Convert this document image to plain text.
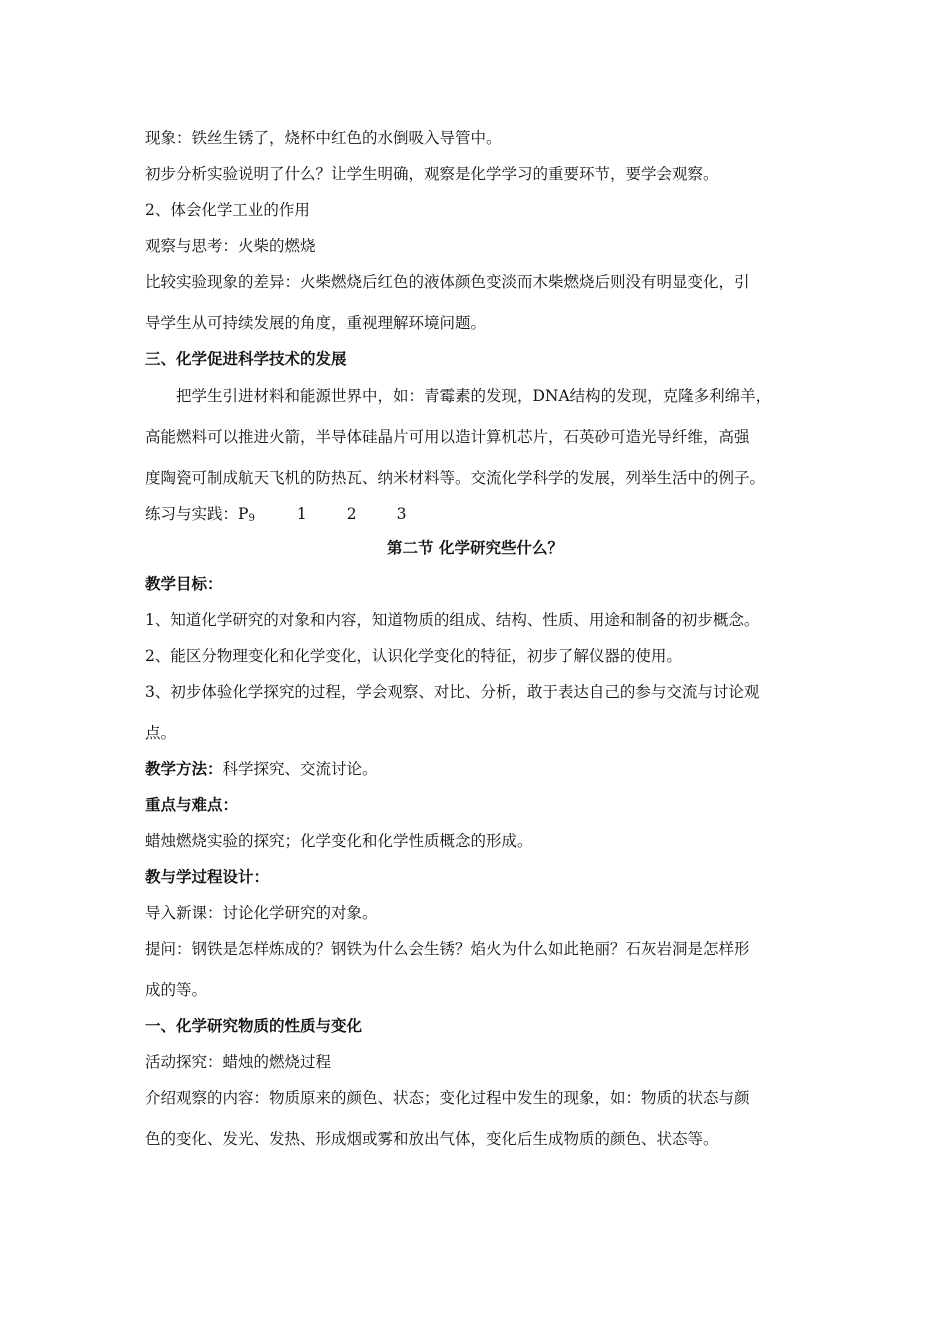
现象：铁丝生锈了，烧杯中红色的水倒吸入导管中。
初步分析实验说明了什么？让学生明确，观察是化学学习的重要环节，要学会观察。
2、体会化学工业的作用
观察与思考：火柴的燃烧
比较实验现象的差异：火柴燃烧后红色的液体颜色变淡而木柴燃烧后则没有明显变化，引
导学生从可持续发展的角度，重视理解环境问题。
三、化学促进科学技术的发展
　　把学生引进材料和能源世界中，如：青霉素的发现，DNA结构的发现，克隆多利绵羊，
高能燃料可以推进火箭，半导体硅晶片可用以造计算机芯片，石英砂可造光导纤维，高强
度陶瓷可制成航天飞机的防热瓦、纳米材料等。交流化学科学的发展，列举生活中的例子。
练习与实践：$P_9$	1	2	3
第二节 化学研究些什么？
教学目标：
1、知道化学研究的对象和内容，知道物质的组成、结构、性质、用途和制备的初步概念。
2、能区分物理变化和化学变化，认识化学变化的特征，初步了解仪器的使用。
3、初步体验化学探究的过程，学会观察、对比、分析，敢于表达自己的参与交流与讨论观
点。
教学方法：科学探究、交流讨论。
重点与难点：
蜡烛燃烧实验的探究；化学变化和化学性质概念的形成。
教与学过程设计：
导入新课：讨论化学研究的对象。
提问：钢铁是怎样炼成的？钢铁为什么会生锈？焰火为什么如此艳丽？石灰岩洞是怎样形
成的等。
一、化学研究物质的性质与变化
活动探究：蜡烛的燃烧过程
介绍观察的内容：物质原来的颜色、状态；变化过程中发生的现象，如：物质的状态与颜
色的变化、发光、发热、形成烟或雾和放出气体，变化后生成物质的颜色、状态等。
